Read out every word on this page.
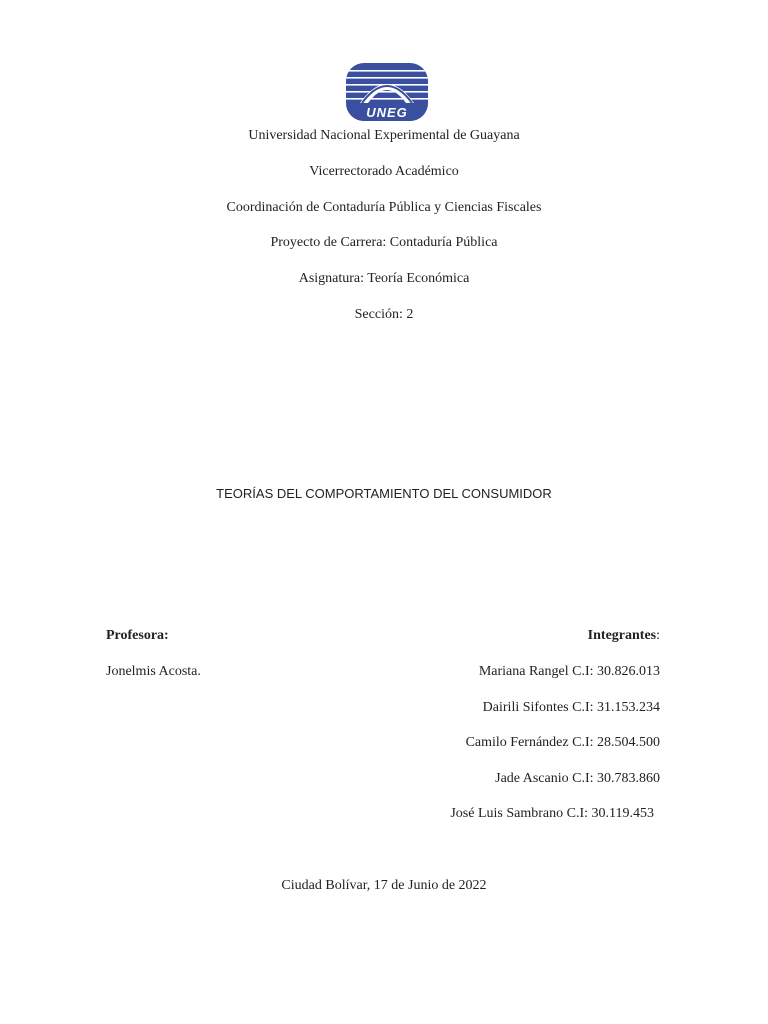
UNEG
Universidad Nacional Experimental de Guayana
Vicerrectorado Académico
Coordinación de Contaduría Pública y Ciencias Fiscales
Proyecto de Carrera: Contaduría Pública
Asignatura: Teoría Económica
Sección: 2
TEORÍAS DEL COMPORTAMIENTO DEL CONSUMIDOR
Profesora:
Jonelmis Acosta.
Integrantes:
Mariana Rangel C.I: 30.826.013
Dairili Sifontes C.I: 31.153.234
Camilo Fernández C.I: 28.504.500
Jade Ascanio C.I: 30.783.860
José Luis Sambrano C.I: 30.119.453
Ciudad Bolívar, 17 de Junio de 2022
